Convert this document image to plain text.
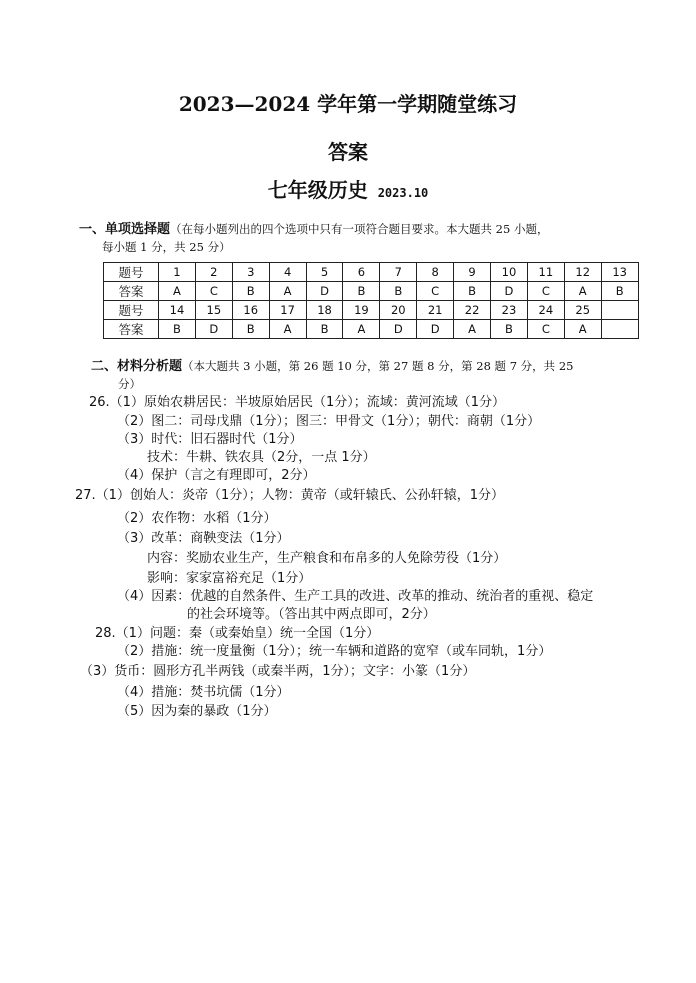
2023—2024 学年第一学期随堂练习
答案
七年级历史 2023.10
一、单项选择题（在每小题列出的四个选项中只有一项符合题目要求。本大题共 25 小题，
每小题 1 分，共 25 分）
题号	1	2	3	4	5	6	7	8	9	10	11	12	13
答案	A	C	B	A	D	B	B	C	B	D	C	A	B
题号	14	15	16	17	18	19	20	21	22	23	24	25	
答案	B	D	B	A	B	A	D	D	A	B	C	A	
二、材料分析题（本大题共 3 小题，第 26 题 10 分，第 27 题 8 分，第 28 题 7 分，共 25
分）
26.（1）原始农耕居民：半坡原始居民（1分）；流域：黄河流域（1分）
（2）图二：司母戊鼎（1分）；图三：甲骨文（1分）；朝代：商朝（1分）
（3）时代：旧石器时代（1分）
技术：牛耕、铁农具（2分，一点 1分）
（4）保护（言之有理即可，2分）
27.（1）创始人：炎帝（1分）；人物：黄帝（或轩辕氏、公孙轩辕，1分）
（2）农作物：水稻（1分）
（3）改革：商鞅变法（1分）
内容：奖励农业生产，生产粮食和布帛多的人免除劳役（1分）
影响：家家富裕充足（1分）
（4）因素：优越的自然条件、生产工具的改进、改革的推动、统治者的重视、稳定
的社会环境等。（答出其中两点即可，2分）
28.（1）问题：秦（或秦始皇）统一全国（1分）
（2）措施：统一度量衡（1分）；统一车辆和道路的宽窄（或车同轨，1分）
（3）货币：圆形方孔半两钱（或秦半两，1分）；文字：小篆（1分）
（4）措施：焚书坑儒（1分）
（5）因为秦的暴政（1分）
